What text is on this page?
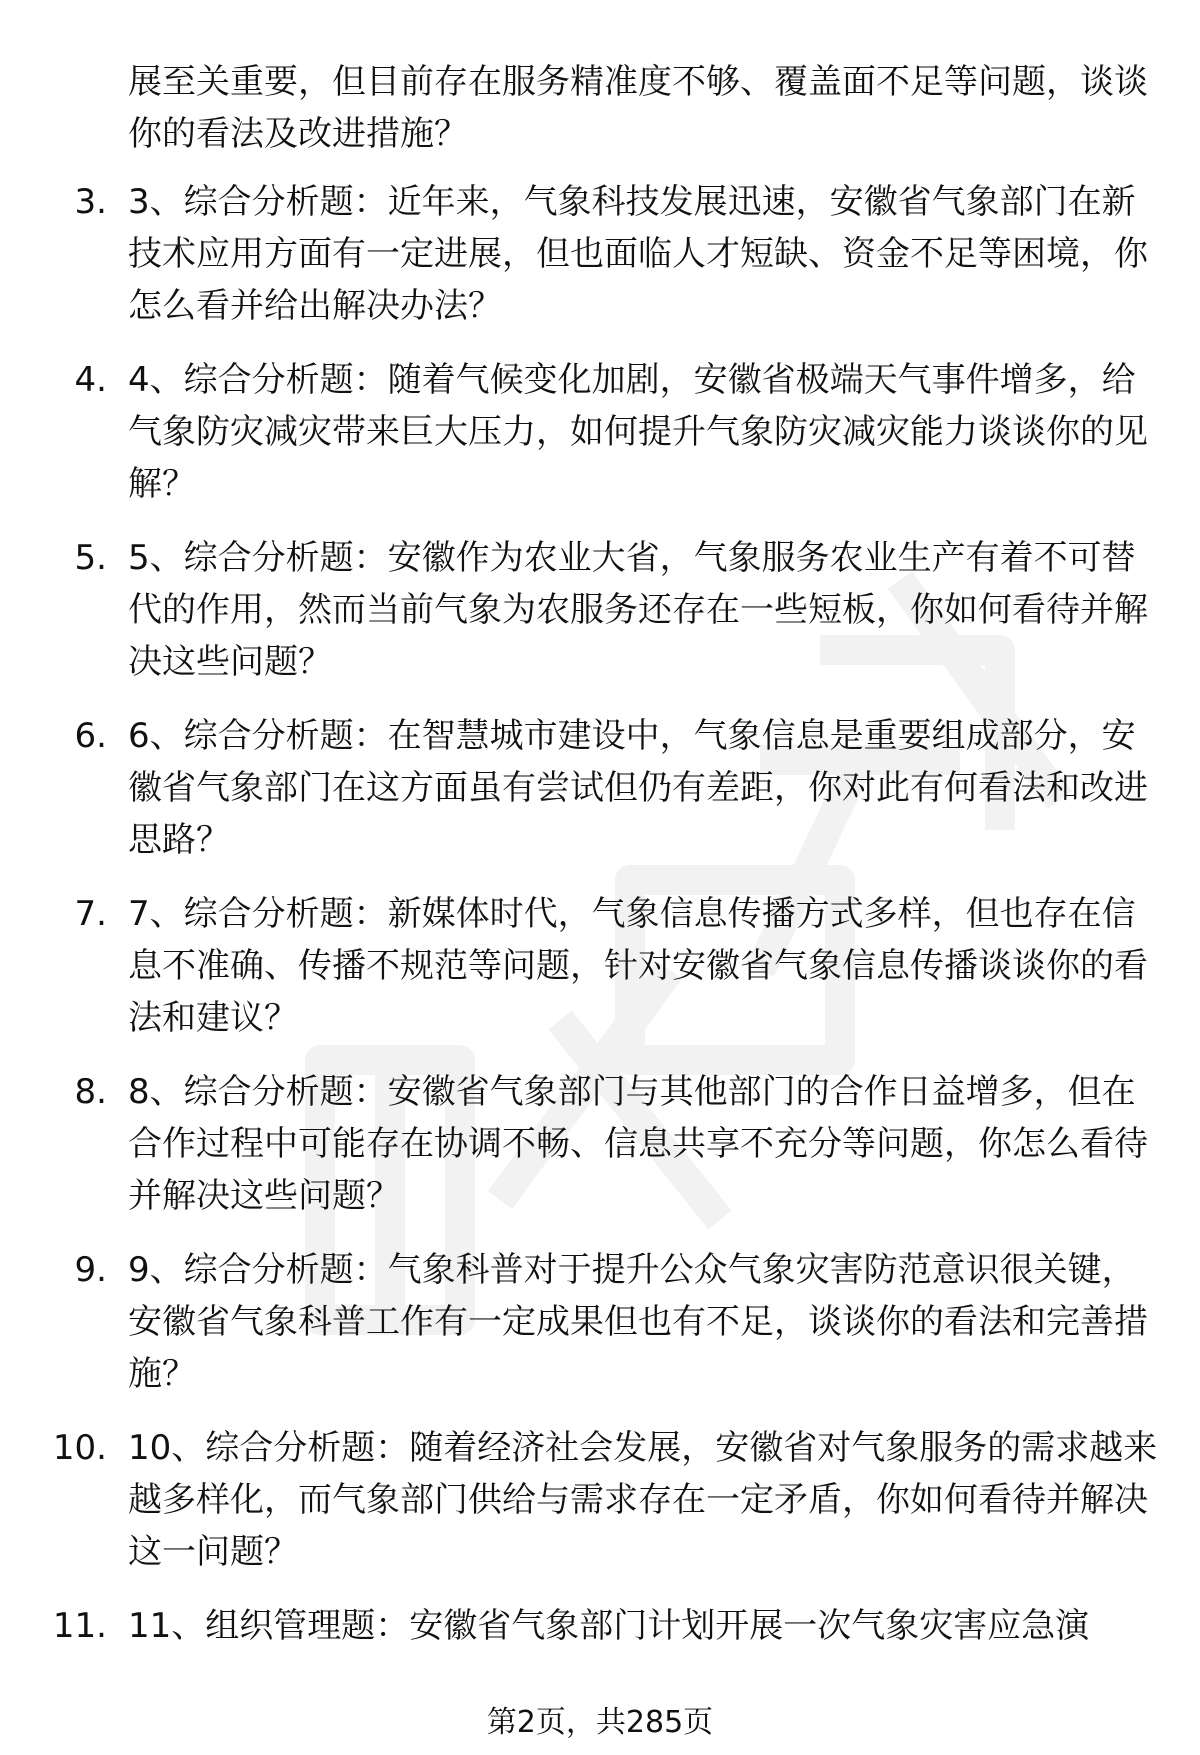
展至关重要，但目前存在服务精准度不够、覆盖面不足等问题，谈谈你的看法及改进措施？

3. 3、综合分析题：近年来，气象科技发展迅速，安徽省气象部门在新技术应用方面有一定进展，但也面临人才短缺、资金不足等困境，你怎么看并给出解决办法？

4. 4、综合分析题：随着气候变化加剧，安徽省极端天气事件增多，给气象防灾减灾带来巨大压力，如何提升气象防灾减灾能力谈谈你的见解？

5. 5、综合分析题：安徽作为农业大省，气象服务农业生产有着不可替代的作用，然而当前气象为农服务还存在一些短板，你如何看待并解决这些问题？

6. 6、综合分析题：在智慧城市建设中，气象信息是重要组成部分，安徽省气象部门在这方面虽有尝试但仍有差距，你对此有何看法和改进思路？

7. 7、综合分析题：新媒体时代，气象信息传播方式多样，但也存在信息不准确、传播不规范等问题，针对安徽省气象信息传播谈谈你的看法和建议？

8. 8、综合分析题：安徽省气象部门与其他部门的合作日益增多，但在合作过程中可能存在协调不畅、信息共享不充分等问题，你怎么看待并解决这些问题？

9. 9、综合分析题：气象科普对于提升公众气象灾害防范意识很关键，安徽省气象科普工作有一定成果但也有不足，谈谈你的看法和完善措施？

10. 10、综合分析题：随着经济社会发展，安徽省对气象服务的需求越来越多样化，而气象部门供给与需求存在一定矛盾，你如何看待并解决这一问题？

11. 11、组织管理题：安徽省气象部门计划开展一次气象灾害应急演

第2页，共285页
